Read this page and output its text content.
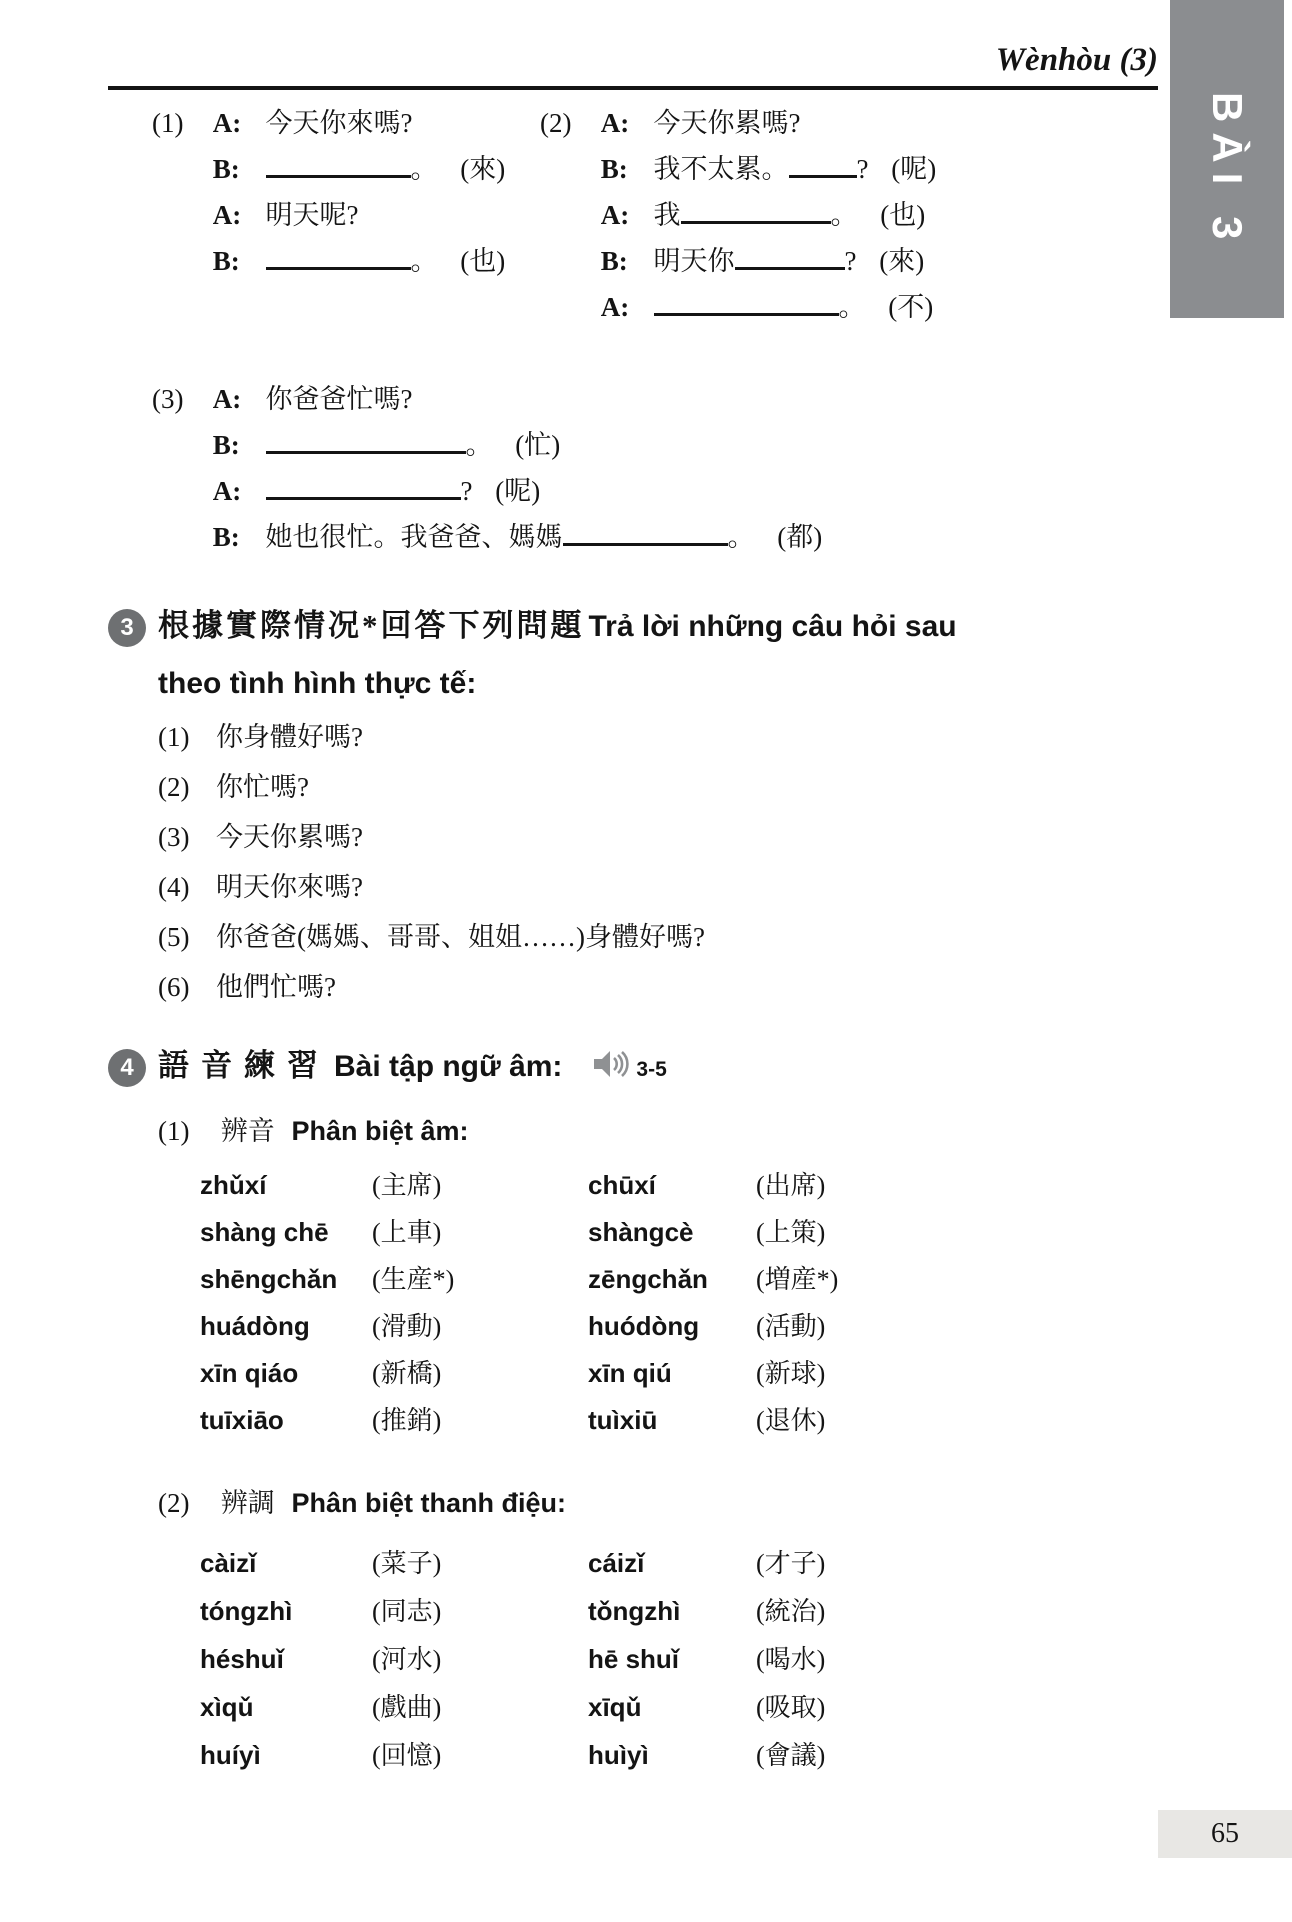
BÀI 3
Wènhòu (3)
(1) A: 今天你來嗎?
B:	。 (來)
A: 明天呢?
B:	。 (也)
(2) A: 今天你累嗎?
B: 我不太累。	? (呢)
A: 我	。 (也)
B: 明天你	? (來)
A:	。 (不)
(3) A: 你爸爸忙嗎?
B:	。 (忙)
A:	? (呢)
B: 她也很忙。我爸爸、媽媽	。 (都)
3 根據實際情况*回答下列問題 Trả lời những câu hỏi sau theo tình hình thực tế:
(1) 你身體好嗎?
(2) 你忙嗎?
(3) 今天你累嗎?
(4) 明天你來嗎?
(5) 你爸爸(媽媽、哥哥、姐姐……)身體好嗎?
(6) 他們忙嗎?
4 語音練習 Bài tập ngữ âm:	3-5
(1) 辨音 Phân biệt âm:
zhǔxí	(主席)	chūxí	(出席)
shàng chē	(上車)	shàngcè	(上策)
shēngchǎn	(生産*)	zēngchǎn	(増産*)
huádòng	(滑動)	huódòng	(活動)
xīn qiáo	(新橋)	xīn qiú	(新球)
tuīxiāo	(推銷)	tuìxiū	(退休)
(2) 辨調 Phân biệt thanh điệu:
càizǐ	(菜子)	cáizǐ	(才子)
tóngzhì	(同志)	tǒngzhì	(統治)
héshuǐ	(河水)	hē shuǐ	(喝水)
xìqǔ	(戲曲)	xīqǔ	(吸取)
huíyì	(回憶)	huìyì	(會議)
65
